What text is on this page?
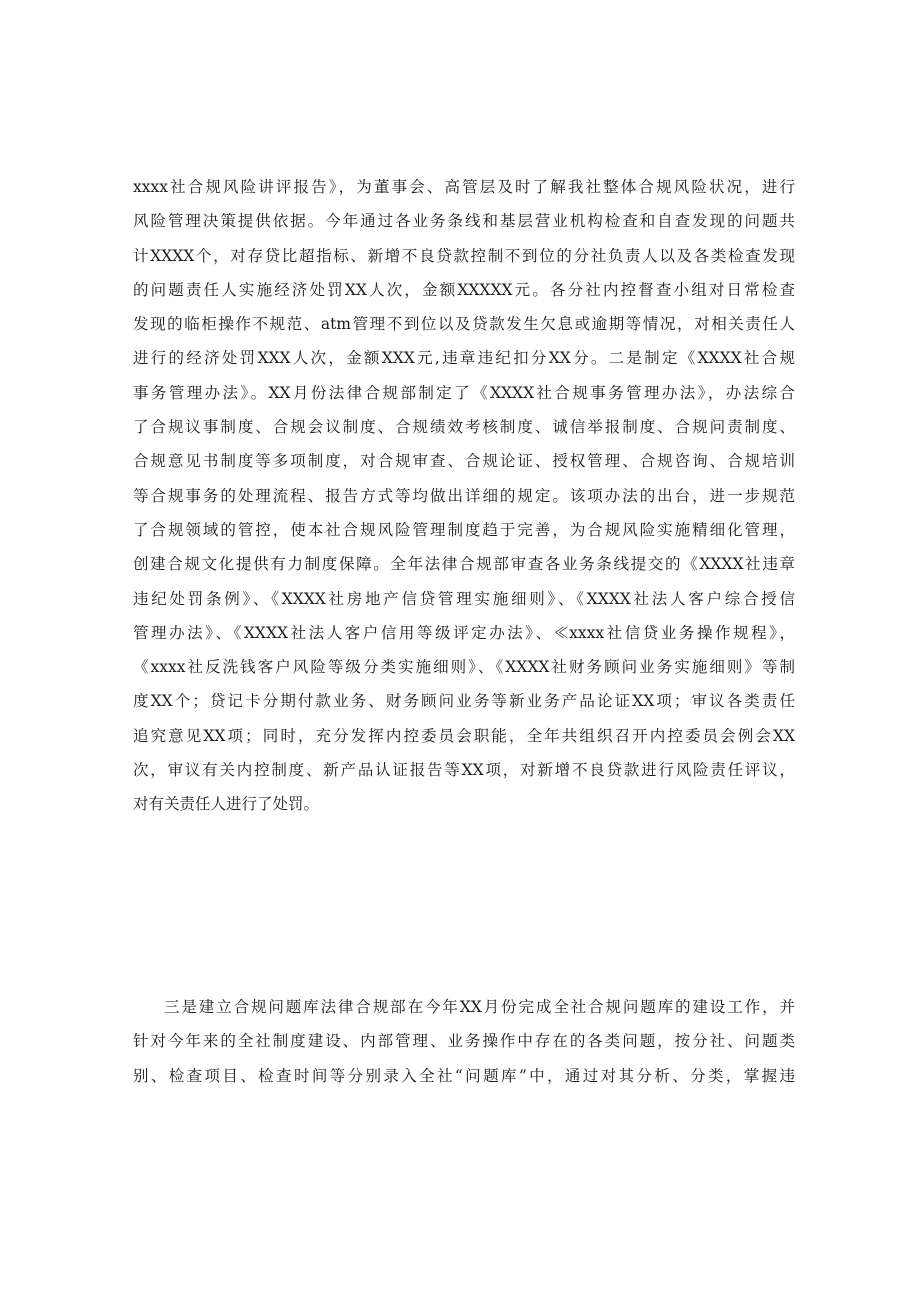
xxxx社合规风险讲评报告》，为董事会、高管层及时了解我社整体合规风险状况，进行
风险管理决策提供依据。今年通过各业务条线和基层营业机构检查和自查发现的问题共
计XXXX个，对存贷比超指标、新增不良贷款控制不到位的分社负责人以及各类检查发现
的问题责任人实施经济处罚XX人次，金额XXXXX元。各分社内控督查小组对日常检查
发现的临柜操作不规范、atm管理不到位以及贷款发生欠息或逾期等情况，对相关责任人
进行的经济处罚XXX人次，金额XXX元,违章违纪扣分XX分。二是制定《XXXX社合规
事务管理办法》。XX月份法律合规部制定了《XXXX社合规事务管理办法》，办法综合
了合规议事制度、合规会议制度、合规绩效考核制度、诚信举报制度、合规问责制度、
合规意见书制度等多项制度，对合规审查、合规论证、授权管理、合规咨询、合规培训
等合规事务的处理流程、报告方式等均做出详细的规定。该项办法的出台，进一步规范
了合规领域的管控，使本社合规风险管理制度趋于完善，为合规风险实施精细化管理，
创建合规文化提供有力制度保障。全年法律合规部审查各业务条线提交的《XXXX社违章
违纪处罚条例》、《XXXX社房地产信贷管理实施细则》、《XXXX社法人客户综合授信
管理办法》、《XXXX社法人客户信用等级评定办法》、≪xxxx社信贷业务操作规程》，
《xxxx社反洗钱客户风险等级分类实施细则》、《XXXX社财务顾问业务实施细则》等制
度XX个；贷记卡分期付款业务、财务顾问业务等新业务产品论证XX项；审议各类责任
追究意见XX项；同时，充分发挥内控委员会职能，全年共组织召开内控委员会例会XX
次，审议有关内控制度、新产品认证报告等XX项，对新增不良贷款进行风险责任评议，
对有关责任人进行了处罚。
三是建立合规问题库法律合规部在今年XX月份完成全社合规问题库的建设工作，并
针对今年来的全社制度建设、内部管理、业务操作中存在的各类问题，按分社、问题类
别、检查项目、检查时间等分别录入全社“问题库”中，通过对其分析、分类，掌握违
